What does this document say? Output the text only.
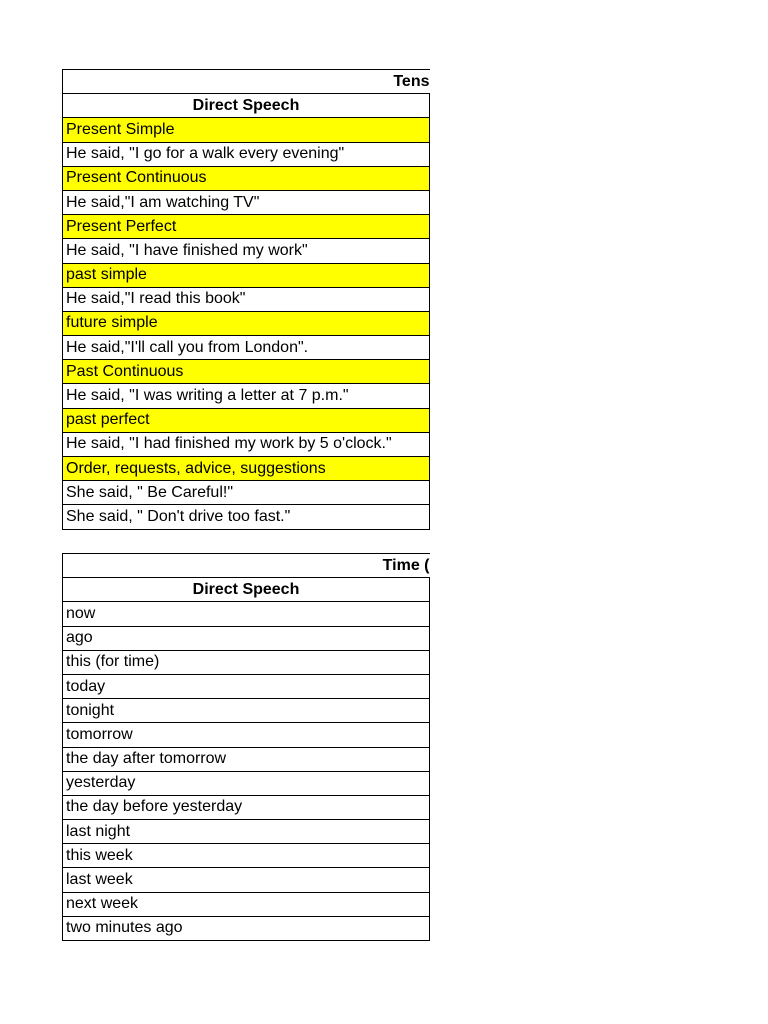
Tens
Direct Speech
Present Simple
He said, "I go for a walk every evening"
Present Continuous
He said,"I am watching TV"
Present Perfect
He said, "I have finished my work"
past simple
He said,"I read this book"
future simple
He said,"I'll call you from London".
Past Continuous
He said, "I was writing a letter at 7 p.m."
past perfect
He said, "I had finished my work by 5 o'clock."
Order, requests, advice, suggestions
She said, " Be Careful!"
She said, " Don't drive too fast."
Time (
Direct Speech
now
ago
this (for time)
today
tonight
tomorrow
the day after tomorrow
yesterday
the day before yesterday
last night
this week
last week
next week
two minutes ago
